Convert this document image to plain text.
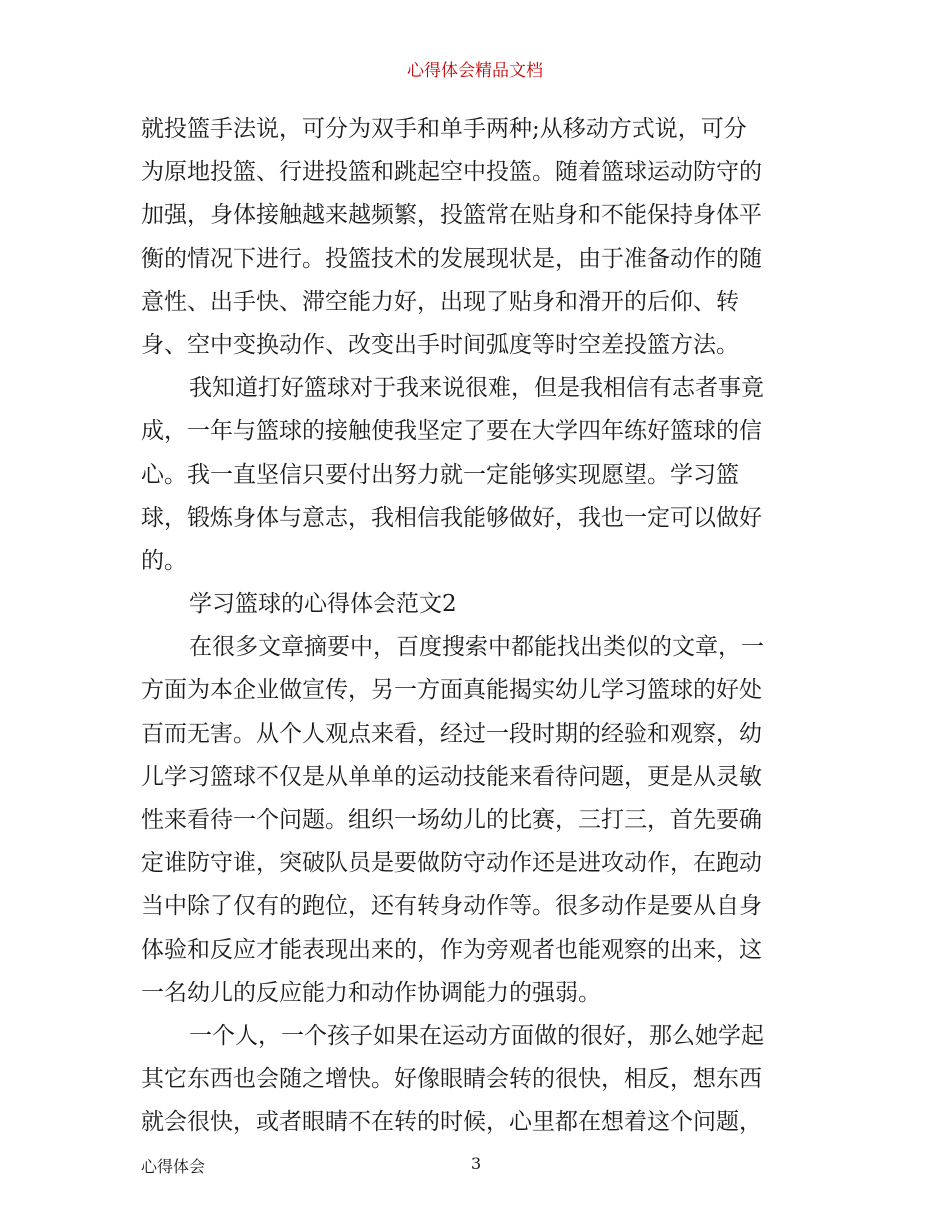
心得体会精品文档
就投篮手法说，可分为双手和单手两种;从移动方式说，可分
为原地投篮、行进投篮和跳起空中投篮。随着篮球运动防守的
加强，身体接触越来越频繁，投篮常在贴身和不能保持身体平
衡的情况下进行。投篮技术的发展现状是，由于准备动作的随
意性、出手快、滞空能力好，出现了贴身和滑开的后仰、转
身、空中变换动作、改变出手时间弧度等时空差投篮方法。
我知道打好篮球对于我来说很难，但是我相信有志者事竟
成，一年与篮球的接触使我坚定了要在大学四年练好篮球的信
心。我一直坚信只要付出努力就一定能够实现愿望。学习篮
球，锻炼身体与意志，我相信我能够做好，我也一定可以做好
的。
学习篮球的心得体会范文2
在很多文章摘要中，百度搜索中都能找出类似的文章，一
方面为本企业做宣传，另一方面真能揭实幼儿学习篮球的好处
百而无害。从个人观点来看，经过一段时期的经验和观察，幼
儿学习篮球不仅是从单单的运动技能来看待问题，更是从灵敏
性来看待一个问题。组织一场幼儿的比赛，三打三，首先要确
定谁防守谁，突破队员是要做防守动作还是进攻动作，在跑动
当中除了仅有的跑位，还有转身动作等。很多动作是要从自身
体验和反应才能表现出来的，作为旁观者也能观察的出来，这
一名幼儿的反应能力和动作协调能力的强弱。
一个人，一个孩子如果在运动方面做的很好，那么她学起
其它东西也会随之增快。好像眼睛会转的很快，相反，想东西
就会很快，或者眼睛不在转的时候，心里都在想着这个问题，
心得体会	3
